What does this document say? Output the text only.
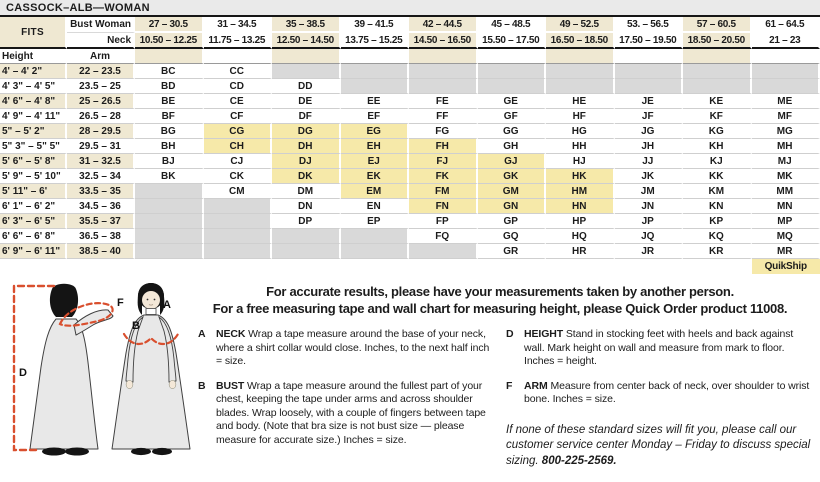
CASSOCK–ALB—WOMAN
FITS	Bust Woman	27 – 30.5	31 – 34.5	35 – 38.5	39 – 41.5	42 – 44.5	45 – 48.5	49 – 52.5	53. – 56.5	57 – 60.5	61 – 64.5
	Neck	10.50 – 12.25	11.75 – 13.25	12.50 – 14.50	13.75 – 15.25	14.50 – 16.50	15.50 – 17.50	16.50 – 18.50	17.50 – 19.50	18.50 – 20.50	21 – 23
Height	Arm										
4' – 4' 2"	22 – 23.5	BC	CC								
4' 3" – 4' 5"	23.5 – 25	BD	CD	DD							
4' 6" – 4' 8"	25 – 26.5	BE	CE	DE	EE	FE	GE	HE	JE	KE	ME
4' 9" – 4' 11"	26.5 – 28	BF	CF	DF	EF	FF	GF	HF	JF	KF	MF
5" – 5' 2"	28 – 29.5	BG	CG	DG	EG	FG	GG	HG	JG	KG	MG
5" 3" – 5" 5"	29.5 – 31	BH	CH	DH	EH	FH	GH	HH	JH	KH	MH
5' 6" – 5' 8"	31 – 32.5	BJ	CJ	DJ	EJ	FJ	GJ	HJ	JJ	KJ	MJ
5' 9" – 5' 10"	32.5 – 34	BK	CK	DK	EK	FK	GK	HK	JK	KK	MK
5' 11" – 6'	33.5 – 35		CM	DM	EM	FM	GM	HM	JM	KM	MM
6' 1" – 6' 2"	34.5 – 36			DN	EN	FN	GN	HN	JN	KN	MN
6' 3" – 6' 5"	35.5 – 37			DP	EP	FP	GP	HP	JP	KP	MP
6' 6" – 6' 8"	36.5 – 38					FQ	GQ	HQ	JQ	KQ	MQ
6' 9" – 6' 11"	38.5 – 40						GR	HR	JR	KR	MR
											QuikShip
D
F
B
A
For accurate results, please have your measurements taken by another person.
For a free measuring tape and wall chart for measuring height, please Quick Order product 11008.
A	NECK Wrap a tape measure around the base of your neck, where a shirt collar would close. Inches, to the next half inch = size.
B	BUST Wrap a tape measure around the fullest part of your chest, keeping the tape under arms and across shoulder blades. Wrap loosely, with a couple of fingers between tape and body. (Note that bra size is not bust size — please measure for accurate size.) Inches = size.
D	HEIGHT Stand in stocking feet with heels and back against wall. Mark height on wall and measure from mark to floor. Inches = height.
F	ARM Measure from center back of neck, over shoulder to wrist bone. Inches = size.
If none of these standard sizes will fit you, please call our customer service center Monday – Friday to discuss special sizing. 800-225-2569.
